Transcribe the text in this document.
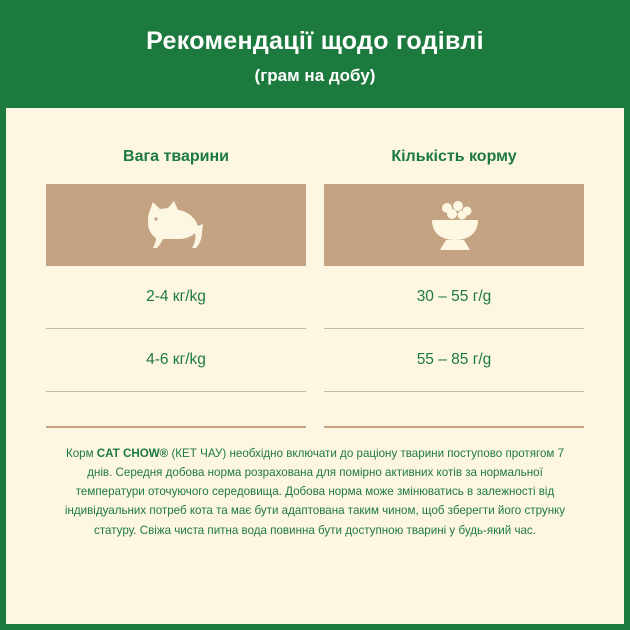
Рекомендації щодо годівлі
(грам на добу)
Вага тварини
2-4 кг/kg
4-6 кг/kg
Кількість корму
30 – 55 г/g
55 – 85 г/g
Корм CAT CHOW® (КЕТ ЧАУ) необхідно включати до раціону тварини поступово протягом 7 днів. Середня добова норма розрахована для помірно активних котів за нормальної температури оточуючого середовища. Добова норма може змінюватись в залежності від індивідуальних потреб кота та має бути адаптована таким чином, щоб зберегти його струнку статуру. Свіжа чиста питна вода повинна бути доступною тварині у будь-який час.
